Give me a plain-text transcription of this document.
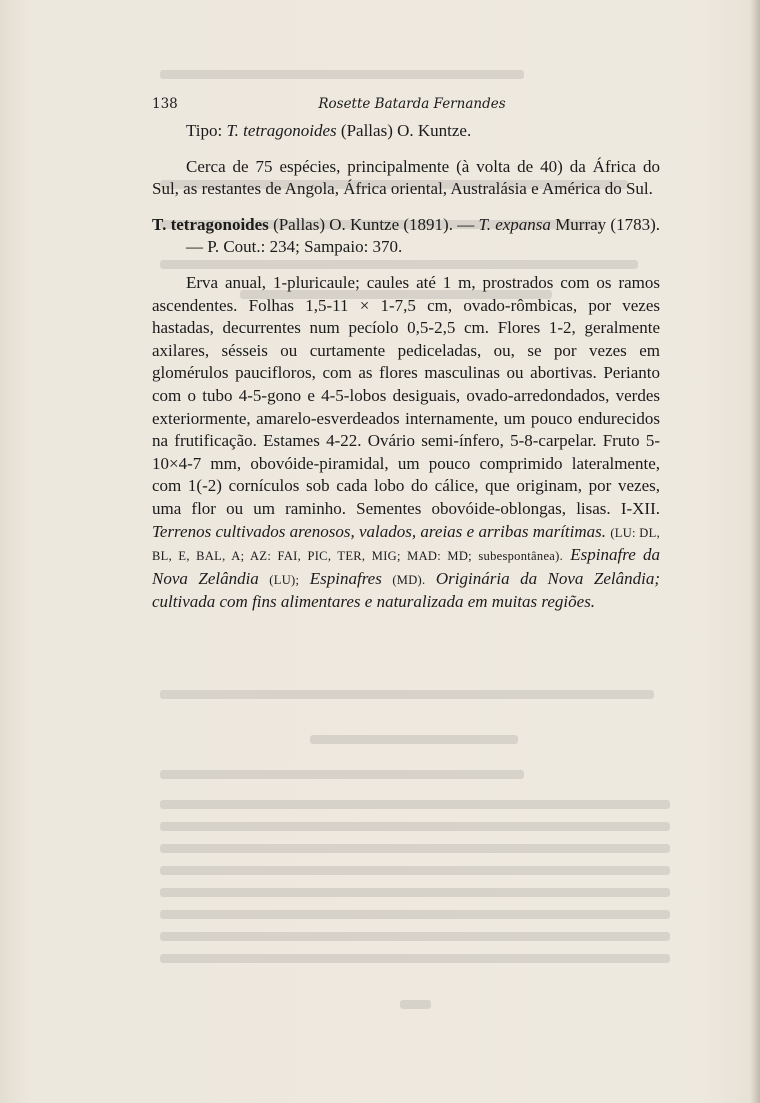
138	Rosette Batarda Fernandes

Tipo: T. tetragonoides (Pallas) O. Kuntze.

Cerca de 75 espécies, principalmente (à volta de 40) da África do Sul, as restantes de Angola, África oriental, Australásia e América do Sul.

T. tetragonoides (Pallas) O. Kuntze (1891). — T. expansa Murray (1783). — P. Cout.: 234; Sampaio: 370.

Erva anual, 1-pluricaule; caules até 1 m, prostrados com os ramos ascendentes. Folhas 1,5-11 × 1-7,5 cm, ovado-rômbicas, por vezes hastadas, decurrentes num pecíolo 0,5-2,5 cm. Flores 1-2, geralmente axilares, sésseis ou curtamente pediceladas, ou, se por vezes em glomérulos paucifloros, com as flores masculinas ou abortivas. Perianto com o tubo 4-5-gono e 4-5-lobos desiguais, ovado-arredondados, verdes exteriormente, amarelo-esverdeados internamente, um pouco endurecidos na frutificação. Estames 4-22. Ovário semi-ínfero, 5-8-carpelar. Fruto 5-10×4-7 mm, obovóide-piramidal, um pouco comprimido lateralmente, com 1(-2) cornículos sob cada lobo do cálice, que originam, por vezes, uma flor ou um raminho. Sementes obovóide-oblongas, lisas. I-XII. Terrenos cultivados arenosos, valados, areias e arribas marítimas. (LU: DL, BL, E, BAL, A; AZ: FAI, PIC, TER, MIG; MAD: MD; subespontânea). Espinafre da Nova Zelândia (LU); Espinafres (MD). Originária da Nova Zelândia; cultivada com fins alimentares e naturalizada em muitas regiões.
